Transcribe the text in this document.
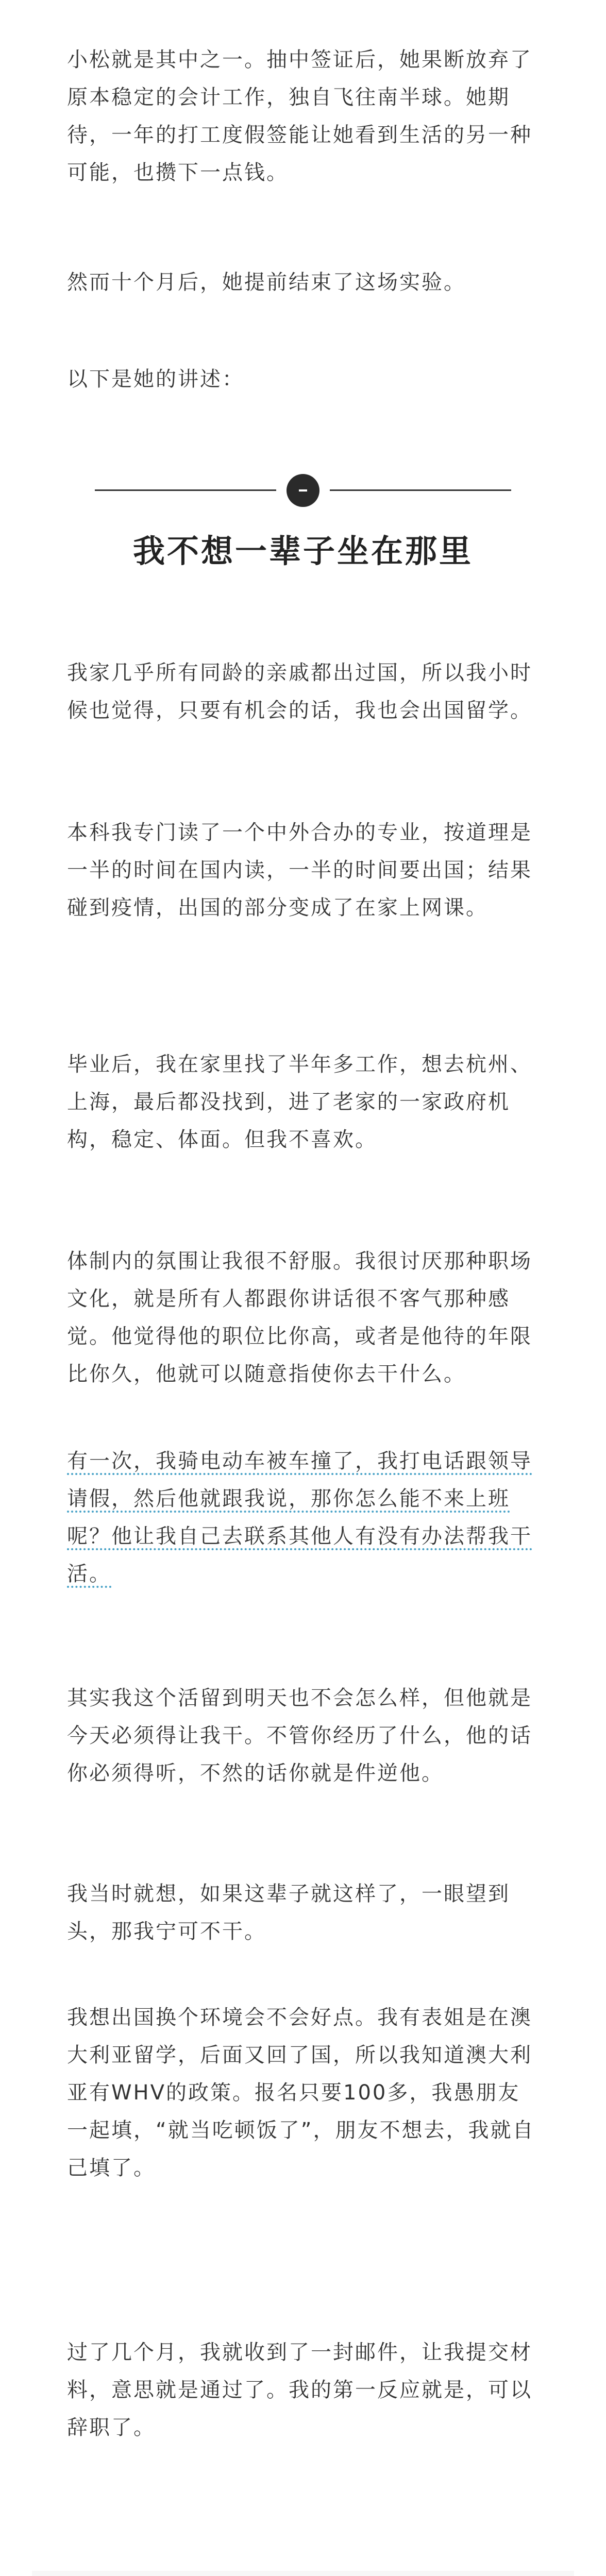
小松就是其中之一。抽中签证后，她果断放弃了原本稳定的会计工作，独自飞往南半球。她期待，一年的打工度假签能让她看到生活的另一种可能，也攒下一点钱。

然而十个月后，她提前结束了这场实验。

以下是她的讲述：

我不想一辈子坐在那里

我家几乎所有同龄的亲戚都出过国，所以我小时候也觉得，只要有机会的话，我也会出国留学。

本科我专门读了一个中外合办的专业，按道理是一半的时间在国内读，一半的时间要出国；结果碰到疫情，出国的部分变成了在家上网课。

毕业后，我在家里找了半年多工作，想去杭州、上海，最后都没找到，进了老家的一家政府机构，稳定、体面。但我不喜欢。

体制内的氛围让我很不舒服。我很讨厌那种职场文化，就是所有人都跟你讲话很不客气那种感觉。他觉得他的职位比你高，或者是他待的年限比你久，他就可以随意指使你去干什么。

有一次，我骑电动车被车撞了，我打电话跟领导请假，然后他就跟我说，那你怎么能不来上班呢？他让我自己去联系其他人有没有办法帮我干活。

其实我这个活留到明天也不会怎么样，但他就是今天必须得让我干。不管你经历了什么，他的话你必须得听，不然的话你就是件逆他。

我当时就想，如果这辈子就这样了，一眼望到头，那我宁可不干。

我想出国换个环境会不会好点。我有表姐是在澳大利亚留学，后面又回了国，所以我知道澳大利亚有WHV的政策。报名只要100多，我愚朋友一起填，“就当吃顿饭了”，朋友不想去，我就自己填了。

过了几个月，我就收到了一封邮件，让我提交材料，意思就是通过了。我的第一反应就是，可以辞职了。
